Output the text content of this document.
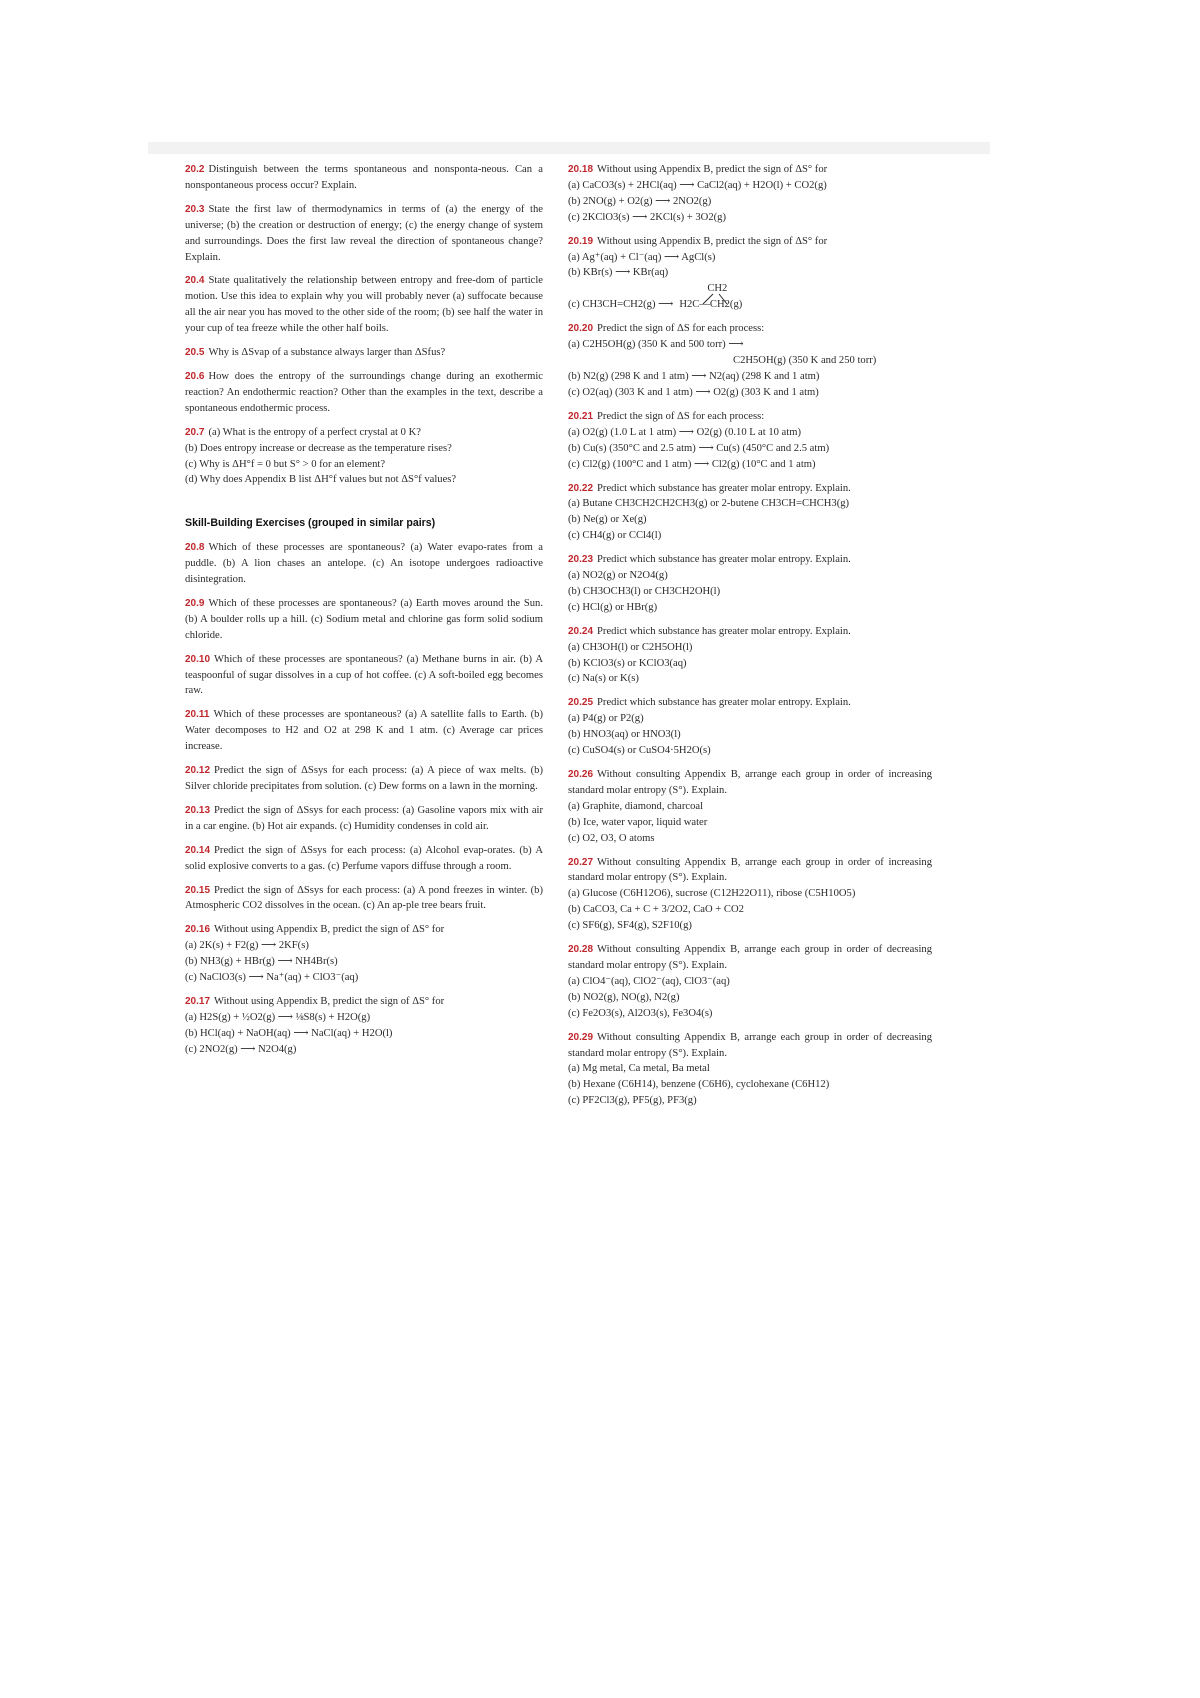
20.2 Distinguish between the terms spontaneous and nonsponta-neous. Can a nonspontaneous process occur? Explain.

20.3 State the first law of thermodynamics in terms of (a) the energy of the universe; (b) the creation or destruction of energy; (c) the energy change of system and surroundings. Does the first law reveal the direction of spontaneous change? Explain.

20.4 State qualitatively the relationship between entropy and free-dom of particle motion. Use this idea to explain why you will probably never (a) suffocate because all the air near you has moved to the other side of the room; (b) see half the water in your cup of tea freeze while the other half boils.

20.5 Why is ΔSvap of a substance always larger than ΔSfus?

20.6 How does the entropy of the surroundings change during an exothermic reaction? An endothermic reaction? Other than the examples in the text, describe a spontaneous endothermic process.

20.7 (a) What is the entropy of a perfect crystal at 0 K?

(b) Does entropy increase or decrease as the temperature rises?

(c) Why is ΔH°f = 0 but S° > 0 for an element?

(d) Why does Appendix B list ΔH°f values but not ΔS°f values?

Skill-Building Exercises (grouped in similar pairs)

20.8 Which of these processes are spontaneous? (a) Water evapo-rates from a puddle. (b) A lion chases an antelope. (c) An isotope undergoes radioactive disintegration.

20.9 Which of these processes are spontaneous? (a) Earth moves around the Sun. (b) A boulder rolls up a hill. (c) Sodium metal and chlorine gas form solid sodium chloride.

20.10 Which of these processes are spontaneous? (a) Methane burns in air. (b) A teaspoonful of sugar dissolves in a cup of hot coffee. (c) A soft-boiled egg becomes raw.

20.11 Which of these processes are spontaneous? (a) A satellite falls to Earth. (b) Water decomposes to H2 and O2 at 298 K and 1 atm. (c) Average car prices increase.

20.12 Predict the sign of ΔSsys for each process: (a) A piece of wax melts. (b) Silver chloride precipitates from solution. (c) Dew forms on a lawn in the morning.

20.13 Predict the sign of ΔSsys for each process: (a) Gasoline vapors mix with air in a car engine. (b) Hot air expands. (c) Humidity condenses in cold air.

20.14 Predict the sign of ΔSsys for each process: (a) Alcohol evap-orates. (b) A solid explosive converts to a gas. (c) Perfume vapors diffuse through a room.

20.15 Predict the sign of ΔSsys for each process: (a) A pond freezes in winter. (b) Atmospheric CO2 dissolves in the ocean. (c) An ap-ple tree bears fruit.

20.16 Without using Appendix B, predict the sign of ΔS° for

(a) 2K(s) + F2(g) ⟶ 2KF(s)

(b) NH3(g) + HBr(g) ⟶ NH4Br(s)

(c) NaClO3(s) ⟶ Na⁺(aq) + ClO3⁻(aq)

20.17 Without using Appendix B, predict the sign of ΔS° for

(a) H2S(g) + ½O2(g) ⟶ ⅛S8(s) + H2O(g)

(b) HCl(aq) + NaOH(aq) ⟶ NaCl(aq) + H2O(l)

(c) 2NO2(g) ⟶ N2O4(g)

20.18 Without using Appendix B, predict the sign of ΔS° for

(a) CaCO3(s) + 2HCl(aq) ⟶ CaCl2(aq) + H2O(l) + CO2(g)

(b) 2NO(g) + O2(g) ⟶ 2NO2(g)

(c) 2KClO3(s) ⟶ 2KCl(s) + 3O2(g)

20.19 Without using Appendix B, predict the sign of ΔS° for

(a) Ag⁺(aq) + Cl⁻(aq) ⟶ AgCl(s)

(b) KBr(s) ⟶ KBr(aq)

(c) CH3CH=CH2(g) ⟶
CH2
H2C—CH2(g)

20.20 Predict the sign of ΔS for each process:

(a) C2H5OH(g) (350 K and 500 torr) ⟶

C2H5OH(g) (350 K and 250 torr)

(b) N2(g) (298 K and 1 atm) ⟶ N2(aq) (298 K and 1 atm)

(c) O2(aq) (303 K and 1 atm) ⟶ O2(g) (303 K and 1 atm)

20.21 Predict the sign of ΔS for each process:

(a) O2(g) (1.0 L at 1 atm) ⟶ O2(g) (0.10 L at 10 atm)

(b) Cu(s) (350°C and 2.5 atm) ⟶ Cu(s) (450°C and 2.5 atm)

(c) Cl2(g) (100°C and 1 atm) ⟶ Cl2(g) (10°C and 1 atm)

20.22 Predict which substance has greater molar entropy. Explain.

(a) Butane CH3CH2CH2CH3(g) or 2-butene CH3CH=CHCH3(g)

(b) Ne(g) or Xe(g)

(c) CH4(g) or CCl4(l)

20.23 Predict which substance has greater molar entropy. Explain.

(a) NO2(g) or N2O4(g)

(b) CH3OCH3(l) or CH3CH2OH(l)

(c) HCl(g) or HBr(g)

20.24 Predict which substance has greater molar entropy. Explain.

(a) CH3OH(l) or C2H5OH(l)

(b) KClO3(s) or KClO3(aq)

(c) Na(s) or K(s)

20.25 Predict which substance has greater molar entropy. Explain.

(a) P4(g) or P2(g)

(b) HNO3(aq) or HNO3(l)

(c) CuSO4(s) or CuSO4·5H2O(s)

20.26 Without consulting Appendix B, arrange each group in order of increasing standard molar entropy (S°). Explain.

(a) Graphite, diamond, charcoal

(b) Ice, water vapor, liquid water

(c) O2, O3, O atoms

20.27 Without consulting Appendix B, arrange each group in order of increasing standard molar entropy (S°). Explain.

(a) Glucose (C6H12O6), sucrose (C12H22O11), ribose (C5H10O5)

(b) CaCO3, Ca + C + 3/2O2, CaO + CO2

(c) SF6(g), SF4(g), S2F10(g)

20.28 Without consulting Appendix B, arrange each group in order of decreasing standard molar entropy (S°). Explain.

(a) ClO4⁻(aq), ClO2⁻(aq), ClO3⁻(aq)

(b) NO2(g), NO(g), N2(g)

(c) Fe2O3(s), Al2O3(s), Fe3O4(s)

20.29 Without consulting Appendix B, arrange each group in order of decreasing standard molar entropy (S°). Explain.

(a) Mg metal, Ca metal, Ba metal

(b) Hexane (C6H14), benzene (C6H6), cyclohexane (C6H12)

(c) PF2Cl3(g), PF5(g), PF3(g)
